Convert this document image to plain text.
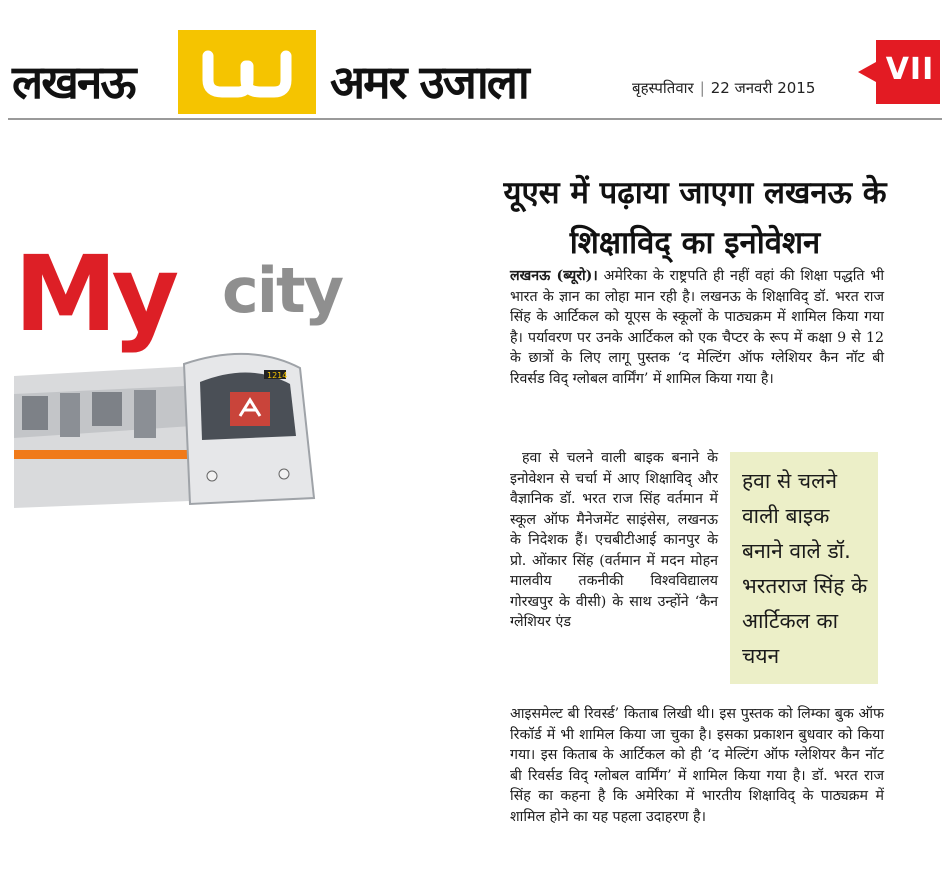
लखनऊ	अमर उजाला	बृहस्पतिवार | 22 जनवरी 2015
VII
1214
My city
यूएस में पढ़ाया जाएगा लखनऊ के शिक्षाविद् का इनोवेशन

लखनऊ (ब्यूरो)। अमेरिका के राष्ट्रपति ही नहीं वहां की शिक्षा पद्धति भी भारत के ज्ञान का लोहा मान रही है। लखनऊ के शिक्षाविद् डॉ. भरत राज सिंह के आर्टिकल को यूएस के स्कूलों के पाठ्यक्रम में शामिल किया गया है। पर्यावरण पर उनके आर्टिकल को एक चैप्टर के रूप में कक्षा 9 से 12 के छात्रों के लिए लागू पुस्तक ‘द मेल्टिंग ऑफ ग्लेशियर कैन नॉट बी रिवर्सड विद् ग्लोबल वार्मिंग’ में शामिल किया गया है।

हवा से चलने वाली बाइक बनाने के इनोवेशन से चर्चा में आए शिक्षाविद् और वैज्ञानिक डॉ. भरत राज सिंह वर्तमान में स्कूल ऑफ मैनेजमेंट साइंसेस, लखनऊ के निदेशक हैं। एचबीटीआई कानपुर के प्रो. ओंकार सिंह (वर्तमान में मदन मोहन मालवीय तकनीकी विश्वविद्यालय गोरखपुर के वीसी) के साथ उन्होंने ‘कैन ग्लेशियर एंड

हवा से चलने वाली बाइक बनाने वाले डॉ. भरतराज सिंह के आर्टिकल का चयन

आइसमेल्ट बी रिवर्स्ड’ किताब लिखी थी। इस पुस्तक को लिम्का बुक ऑफ रिकॉर्ड में भी शामिल किया जा चुका है। इसका प्रकाशन बुधवार को किया गया। इस किताब के आर्टिकल को ही ‘द मेल्टिंग ऑफ ग्लेशियर कैन नॉट बी रिवर्सड विद् ग्लोबल वार्मिंग’ में शामिल किया गया है। डॉ. भरत राज सिंह का कहना है कि अमेरिका में भारतीय शिक्षाविद् के पाठ्यक्रम में शामिल होने का यह पहला उदाहरण है।
